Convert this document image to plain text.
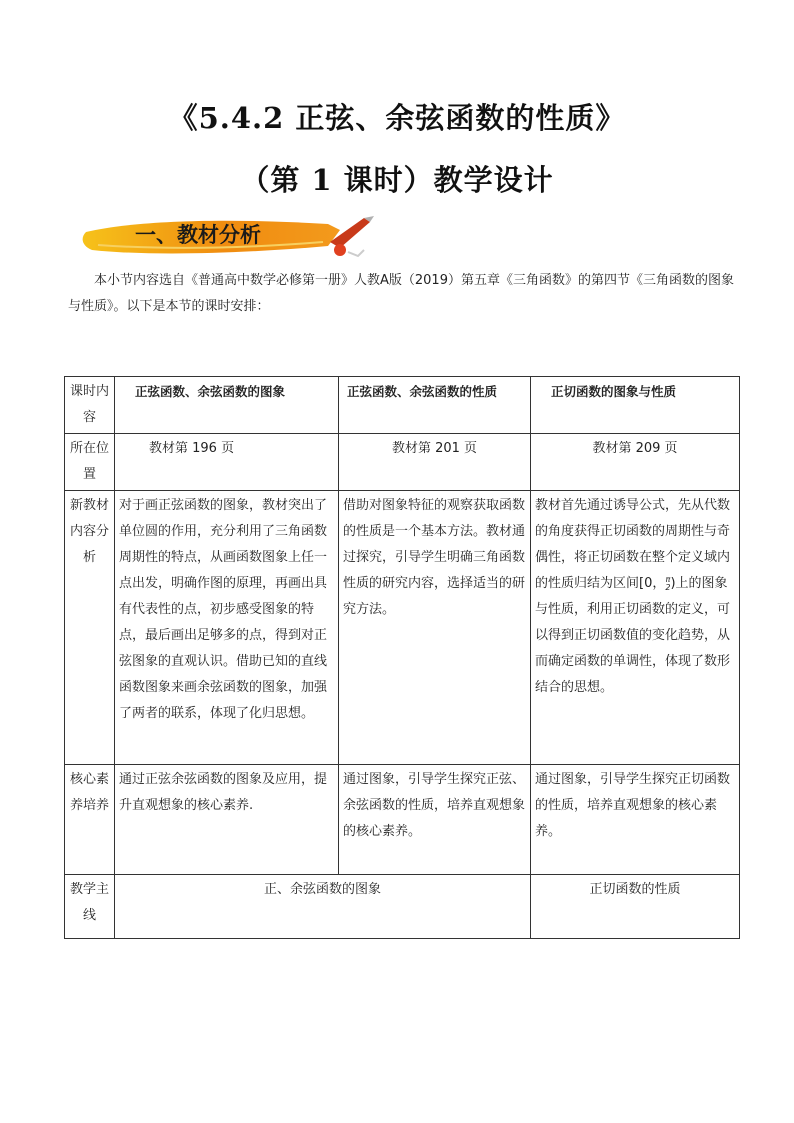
《5.4.2 正弦、余弦函数的性质》
（第 1 课时）教学设计
一、教材分析
本小节内容选自《普通高中数学必修第一册》人教A版（2019）第五章《三角函数》的第四节《三角函数的图象与性质》。以下是本节的课时安排：
课时内容	正弦函数、余弦函数的图象	正弦函数、余弦函数的性质	正切函数的图象与性质
所在位置	教材第 196 页	教材第 201 页	教材第 209 页
新教材内容分析	对于画正弦函数的图象，教材突出了单位圆的作用，充分利用了三角函数周期性的特点，从画函数图象上任一点出发，明确作图的原理，再画出具有代表性的点，初步感受图象的特点，最后画出足够多的点，得到对正弦图象的直观认识。借助已知的直线函数图象来画余弦函数的图象，加强了两者的联系，体现了化归思想。	借助对图象特征的观察获取函数的性质是一个基本方法。教材通过探究，引导学生明确三角函数性质的研究内容，选择适当的研究方法。	教材首先通过诱导公式，先从代数的角度获得正切函数的周期性与奇偶性，将正切函数在整个定义域内的性质归结为区间[0，π
2)上的图象与性质，利用正切函数的定义，可以得到正切函数值的变化趋势，从而确定函数的单调性，体现了数形结合的思想。

核心素养培养	通过正弦余弦函数的图象及应用，提升直观想象的核心素养.	通过图象，引导学生探究正弦、余弦函数的性质，培养直观想象的核心素养。	通过图象，引导学生探究正切函数的性质，培养直观想象的核心素养。
教学主线	正、余弦函数的图象		正切函数的性质
